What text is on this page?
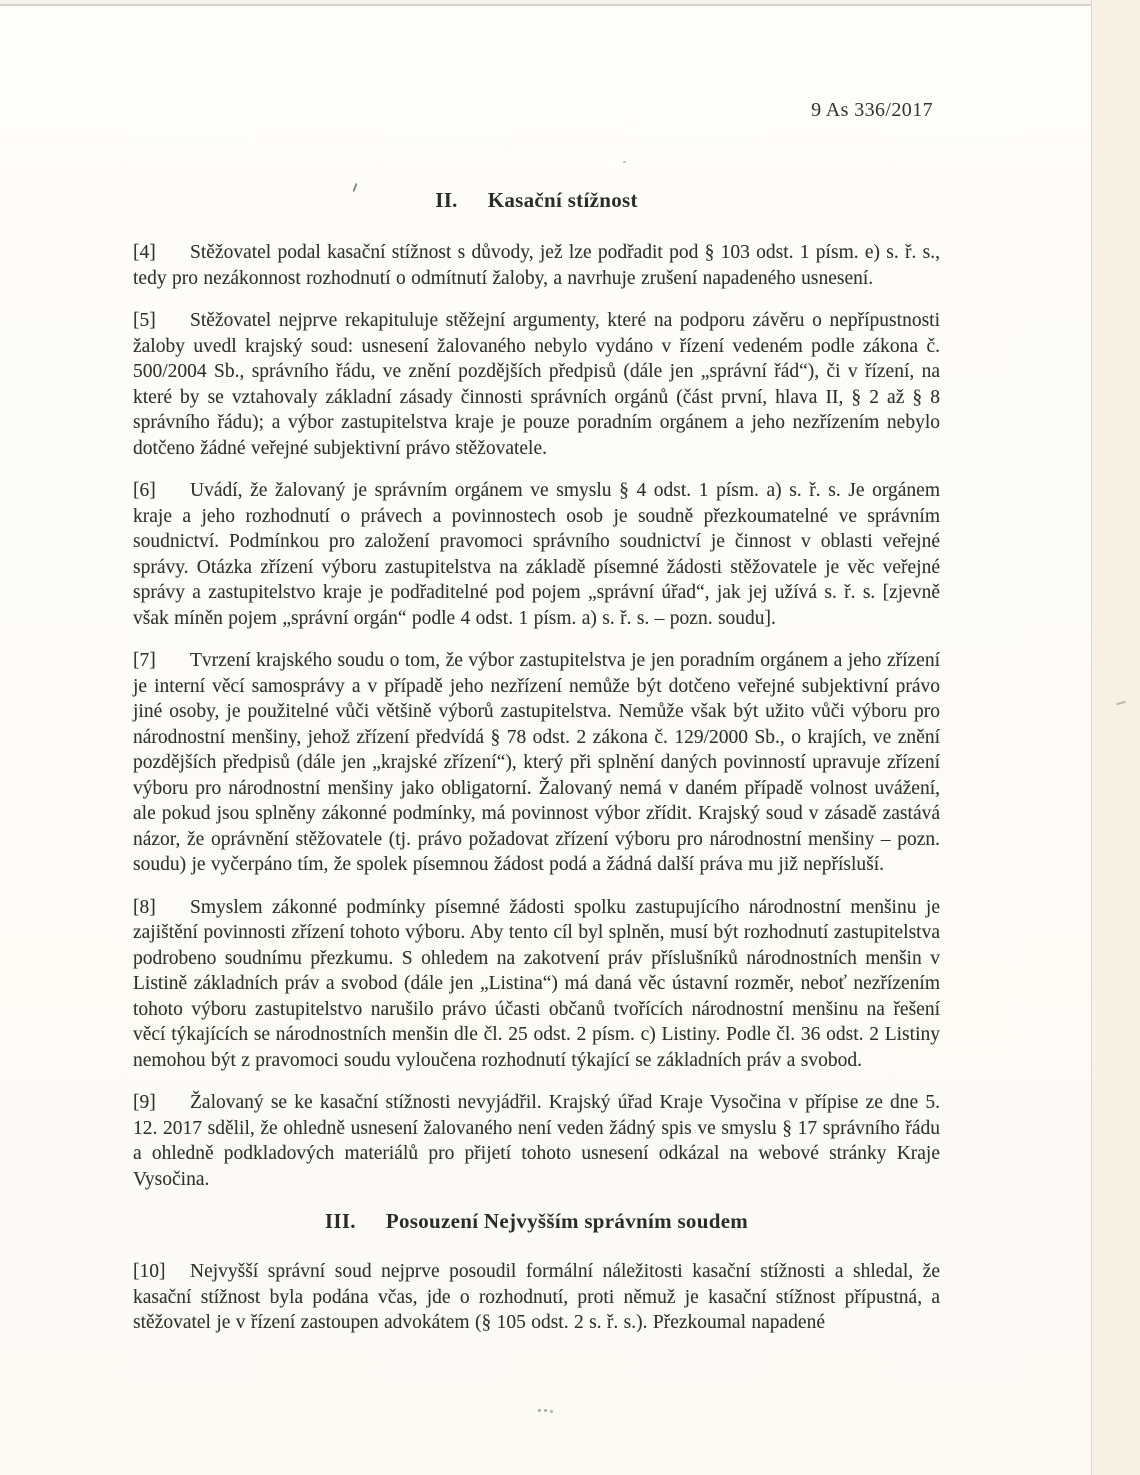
9 As 336/2017
II. Kasační stížnost

[4] Stěžovatel podal kasační stížnost s důvody, jež lze podřadit pod § 103 odst. 1 písm. e) s. ř. s., tedy pro nezákonnost rozhodnutí o odmítnutí žaloby, a navrhuje zrušení napadeného usnesení.

[5] Stěžovatel nejprve rekapituluje stěžejní argumenty, které na podporu závěru o nepřípustnosti žaloby uvedl krajský soud: usnesení žalovaného nebylo vydáno v řízení vedeném podle zákona č. 500/2004 Sb., správního řádu, ve znění pozdějších předpisů (dále jen „správní řád“), či v řízení, na které by se vztahovaly základní zásady činnosti správních orgánů (část první, hlava II, § 2 až § 8 správního řádu); a výbor zastupitelstva kraje je pouze poradním orgánem a jeho nezřízením nebylo dotčeno žádné veřejné subjektivní právo stěžovatele.

[6] Uvádí, že žalovaný je správním orgánem ve smyslu § 4 odst. 1 písm. a) s. ř. s. Je orgánem kraje a jeho rozhodnutí o právech a povinnostech osob je soudně přezkoumatelné ve správním soudnictví. Podmínkou pro založení pravomoci správního soudnictví je činnost v oblasti veřejné správy. Otázka zřízení výboru zastupitelstva na základě písemné žádosti stěžovatele je věc veřejné správy a zastupitelstvo kraje je podřaditelné pod pojem „správní úřad“, jak jej užívá s. ř. s. [zjevně však míněn pojem „správní orgán“ podle 4 odst. 1 písm. a) s. ř. s. – pozn. soudu].

[7] Tvrzení krajského soudu o tom, že výbor zastupitelstva je jen poradním orgánem a jeho zřízení je interní věcí samosprávy a v případě jeho nezřízení nemůže být dotčeno veřejné subjektivní právo jiné osoby, je použitelné vůči většině výborů zastupitelstva. Nemůže však být užito vůči výboru pro národnostní menšiny, jehož zřízení předvídá § 78 odst. 2 zákona č. 129/2000 Sb., o krajích, ve znění pozdějších předpisů (dále jen „krajské zřízení“), který při splnění daných povinností upravuje zřízení výboru pro národnostní menšiny jako obligatorní. Žalovaný nemá v daném případě volnost uvážení, ale pokud jsou splněny zákonné podmínky, má povinnost výbor zřídit. Krajský soud v zásadě zastává názor, že oprávnění stěžovatele (tj. právo požadovat zřízení výboru pro národnostní menšiny – pozn. soudu) je vyčerpáno tím, že spolek písemnou žádost podá a žádná další práva mu již nepřísluší.

[8] Smyslem zákonné podmínky písemné žádosti spolku zastupujícího národnostní menšinu je zajištění povinnosti zřízení tohoto výboru. Aby tento cíl byl splněn, musí být rozhodnutí zastupitelstva podrobeno soudnímu přezkumu. S ohledem na zakotvení práv příslušníků národnostních menšin v Listině základních práv a svobod (dále jen „Listina“) má daná věc ústavní rozměr, neboť nezřízením tohoto výboru zastupitelstvo narušilo právo účasti občanů tvořících národnostní menšinu na řešení věcí týkajících se národnostních menšin dle čl. 25 odst. 2 písm. c) Listiny. Podle čl. 36 odst. 2 Listiny nemohou být z pravomoci soudu vyloučena rozhodnutí týkající se základních práv a svobod.

[9] Žalovaný se ke kasační stížnosti nevyjádřil. Krajský úřad Kraje Vysočina v přípise ze dne 5. 12. 2017 sdělil, že ohledně usnesení žalovaného není veden žádný spis ve smyslu § 17 správního řádu a ohledně podkladových materiálů pro přijetí tohoto usnesení odkázal na webové stránky Kraje Vysočina.

III. Posouzení Nejvyšším správním soudem

[10] Nejvyšší správní soud nejprve posoudil formální náležitosti kasační stížnosti a shledal, že kasační stížnost byla podána včas, jde o rozhodnutí, proti němuž je kasační stížnost přípustná, a stěžovatel je v řízení zastoupen advokátem (§ 105 odst. 2 s. ř. s.). Přezkoumal napadené
